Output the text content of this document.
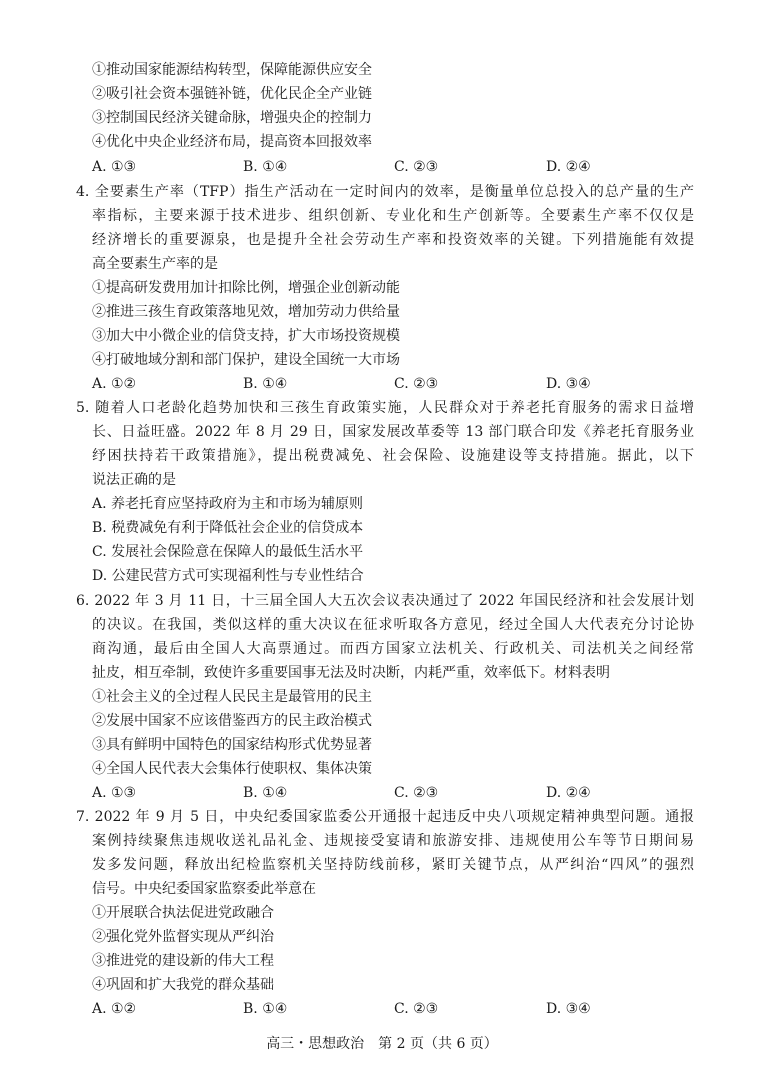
①推动国家能源结构转型，保障能源供应安全
②吸引社会资本强链补链，优化民企全产业链
③控制国民经济关键命脉，增强央企的控制力
④优化中央企业经济布局，提高资本回报效率
A. ①③	B. ①④	C. ②③	D. ②④
4. 全要素生产率（TFP）指生产活动在一定时间内的效率，是衡量单位总投入的总产量的生产
率指标，主要来源于技术进步、组织创新、专业化和生产创新等。全要素生产率不仅仅是
经济增长的重要源泉，也是提升全社会劳动生产率和投资效率的关键。下列措施能有效提
高全要素生产率的是
①提高研发费用加计扣除比例，增强企业创新动能
②推进三孩生育政策落地见效，增加劳动力供给量
③加大中小微企业的信贷支持，扩大市场投资规模
④打破地域分割和部门保护，建设全国统一大市场
A. ①②	B. ①④	C. ②③	D. ③④
5. 随着人口老龄化趋势加快和三孩生育政策实施，人民群众对于养老托育服务的需求日益增
长、日益旺盛。2022 年 8 月 29 日，国家发展改革委等 13 部门联合印发《养老托育服务业
纾困扶持若干政策措施》，提出税费减免、社会保险、设施建设等支持措施。据此，以下
说法正确的是
A. 养老托育应坚持政府为主和市场为辅原则
B. 税费减免有利于降低社会企业的信贷成本
C. 发展社会保险意在保障人的最低生活水平
D. 公建民营方式可实现福利性与专业性结合
6. 2022 年 3 月 11 日，十三届全国人大五次会议表决通过了 2022 年国民经济和社会发展计划
的决议。在我国，类似这样的重大决议在征求听取各方意见，经过全国人大代表充分讨论协
商沟通，最后由全国人大高票通过。而西方国家立法机关、行政机关、司法机关之间经常
扯皮，相互牵制，致使许多重要国事无法及时决断，内耗严重，效率低下。材料表明
①社会主义的全过程人民民主是最管用的民主
②发展中国家不应该借鉴西方的民主政治模式
③具有鲜明中国特色的国家结构形式优势显著
④全国人民代表大会集体行使职权、集体决策
A. ①③	B. ①④	C. ②③	D. ②④
7. 2022 年 9 月 5 日，中央纪委国家监委公开通报十起违反中央八项规定精神典型问题。通报
案例持续聚焦违规收送礼品礼金、违规接受宴请和旅游安排、违规使用公车等节日期间易
发多发问题，释放出纪检监察机关坚持防线前移，紧盯关键节点，从严纠治“四风”的强烈
信号。中央纪委国家监察委此举意在
①开展联合执法促进党政融合
②强化党外监督实现从严纠治
③推进党的建设新的伟大工程
④巩固和扩大我党的群众基础
A. ①②	B. ①④	C. ②③	D. ③④
高三・思想政治　第 2 页（共 6 页）
